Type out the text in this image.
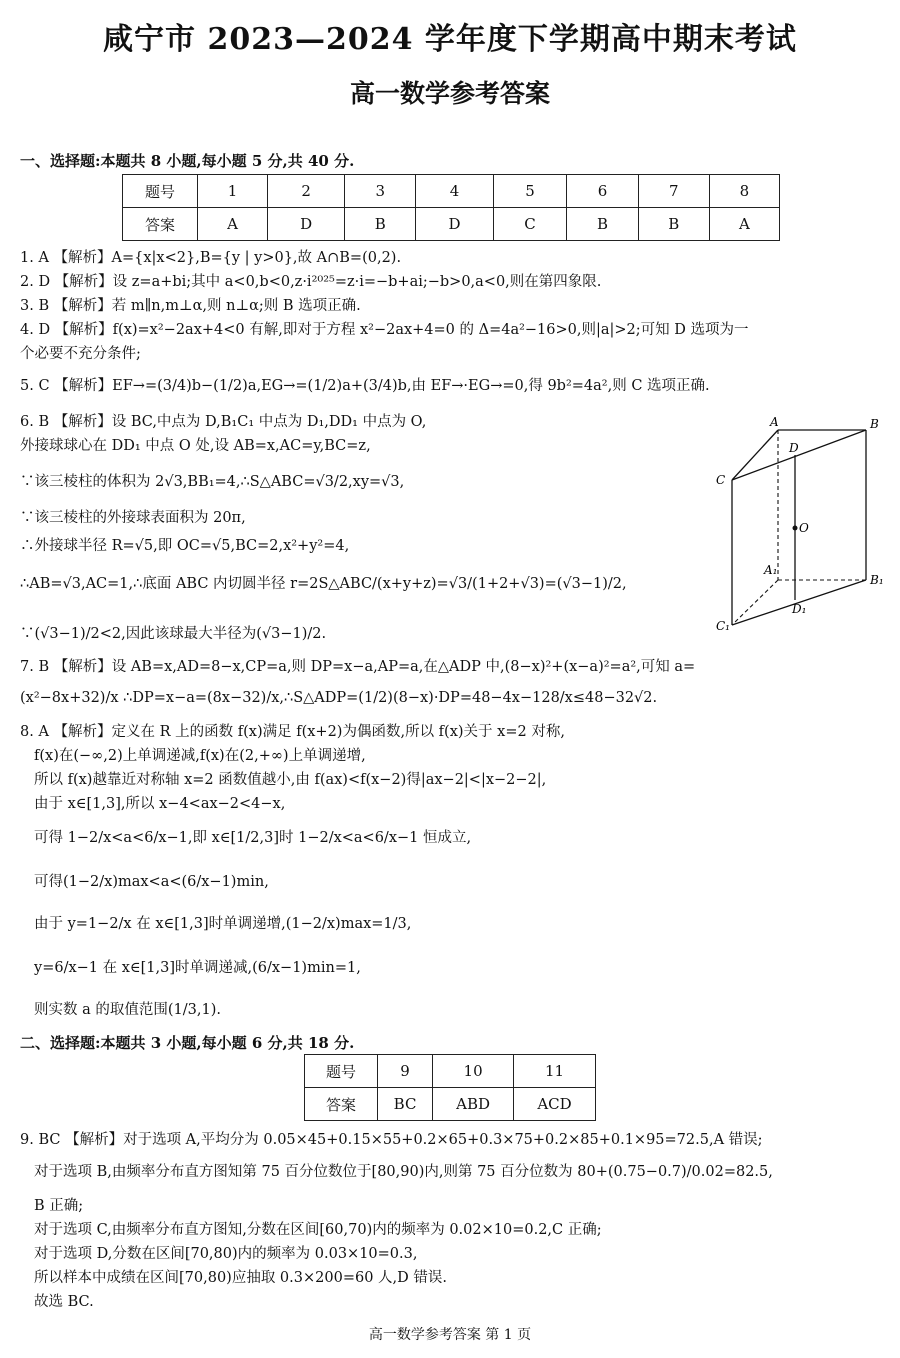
咸宁市 2023—2024 学年度下学期高中期末考试
高一数学参考答案
一、选择题:本题共 8 小题,每小题 5 分,共 40 分.
题号	1	2	3	4	5	6	7	8
答案	A	D	B	D	C	B	B	A
1. A 【解析】A={x|x<2},B={y | y>0},故 A∩B=(0,2).
2. D 【解析】设 z=a+bi;其中 a<0,b<0,z·i²⁰²⁵=z·i=−b+ai;−b>0,a<0,则在第四象限.
3. B 【解析】若 m∥n,m⊥α,则 n⊥α;则 B 选项正确.
4. D 【解析】f(x)=x²−2ax+4<0 有解,即对于方程 x²−2ax+4=0 的 Δ=4a²−16>0,则|a|>2;可知 D 选项为一
个必要不充分条件;
5. C 【解析】EF→=(3/4)b−(1/2)a,EG→=(1/2)a+(3/4)b,由 EF→·EG→=0,得 9b²=4a²,则 C 选项正确.
6. B 【解析】设 BC,中点为 D,B₁C₁ 中点为 D₁,DD₁ 中点为 O,
外接球球心在 DD₁ 中点 O 处,设 AB=x,AC=y,BC=z,
∵该三棱柱的体积为 2√3,BB₁=4,∴S△ABC=√3/2,xy=√3,
∵该三棱柱的外接球表面积为 20π,
∴外接球半径 R=√5,即 OC=√5,BC=2,x²+y²=4,
∴AB=√3,AC=1,∴底面 ABC 内切圆半径 r=2S△ABC/(x+y+z)=√3/(1+2+√3)=(√3−1)/2,
∵(√3−1)/2<2,因此该球最大半径为(√3−1)/2.
7. B 【解析】设 AB=x,AD=8−x,CP=a,则 DP=x−a,AP=a,在△ADP 中,(8−x)²+(x−a)²=a²,可知 a=
(x²−8x+32)/x ∴DP=x−a=(8x−32)/x,∴S△ADP=(1/2)(8−x)·DP=48−4x−128/x≤48−32√2.
8. A 【解析】定义在 R 上的函数 f(x)满足 f(x+2)为偶函数,所以 f(x)关于 x=2 对称,
f(x)在(−∞,2)上单调递减,f(x)在(2,+∞)上单调递增,
所以 f(x)越靠近对称轴 x=2 函数值越小,由 f(ax)<f(x−2)得|ax−2|<|x−2−2|,
由于 x∈[1,3],所以 x−4<ax−2<4−x,
可得 1−2/x<a<6/x−1,即 x∈[1/2,3]时 1−2/x<a<6/x−1 恒成立,
可得(1−2/x)max<a<(6/x−1)min,
由于 y=1−2/x 在 x∈[1,3]时单调递增,(1−2/x)max=1/3,
y=6/x−1 在 x∈[1,3]时单调递减,(6/x−1)min=1,
则实数 a 的取值范围(1/3,1).
二、选择题:本题共 3 小题,每小题 6 分,共 18 分.
题号	9	10	11
答案	BC	ABD	ACD
9. BC 【解析】对于选项 A,平均分为 0.05×45+0.15×55+0.2×65+0.3×75+0.2×85+0.1×95=72.5,A 错误;
对于选项 B,由频率分布直方图知第 75 百分位数位于[80,90)内,则第 75 百分位数为 80+(0.75−0.7)/0.02=82.5,
B 正确;
对于选项 C,由频率分布直方图知,分数在区间[60,70)内的频率为 0.02×10=0.2,C 正确;
对于选项 D,分数在区间[70,80)内的频率为 0.03×10=0.3,
所以样本中成绩在区间[70,80)应抽取 0.3×200=60 人,D 错误.
故选 BC.
A	B
C
D
O
A₁
B₁
C₁
D₁
高一数学参考答案 第 1 页
